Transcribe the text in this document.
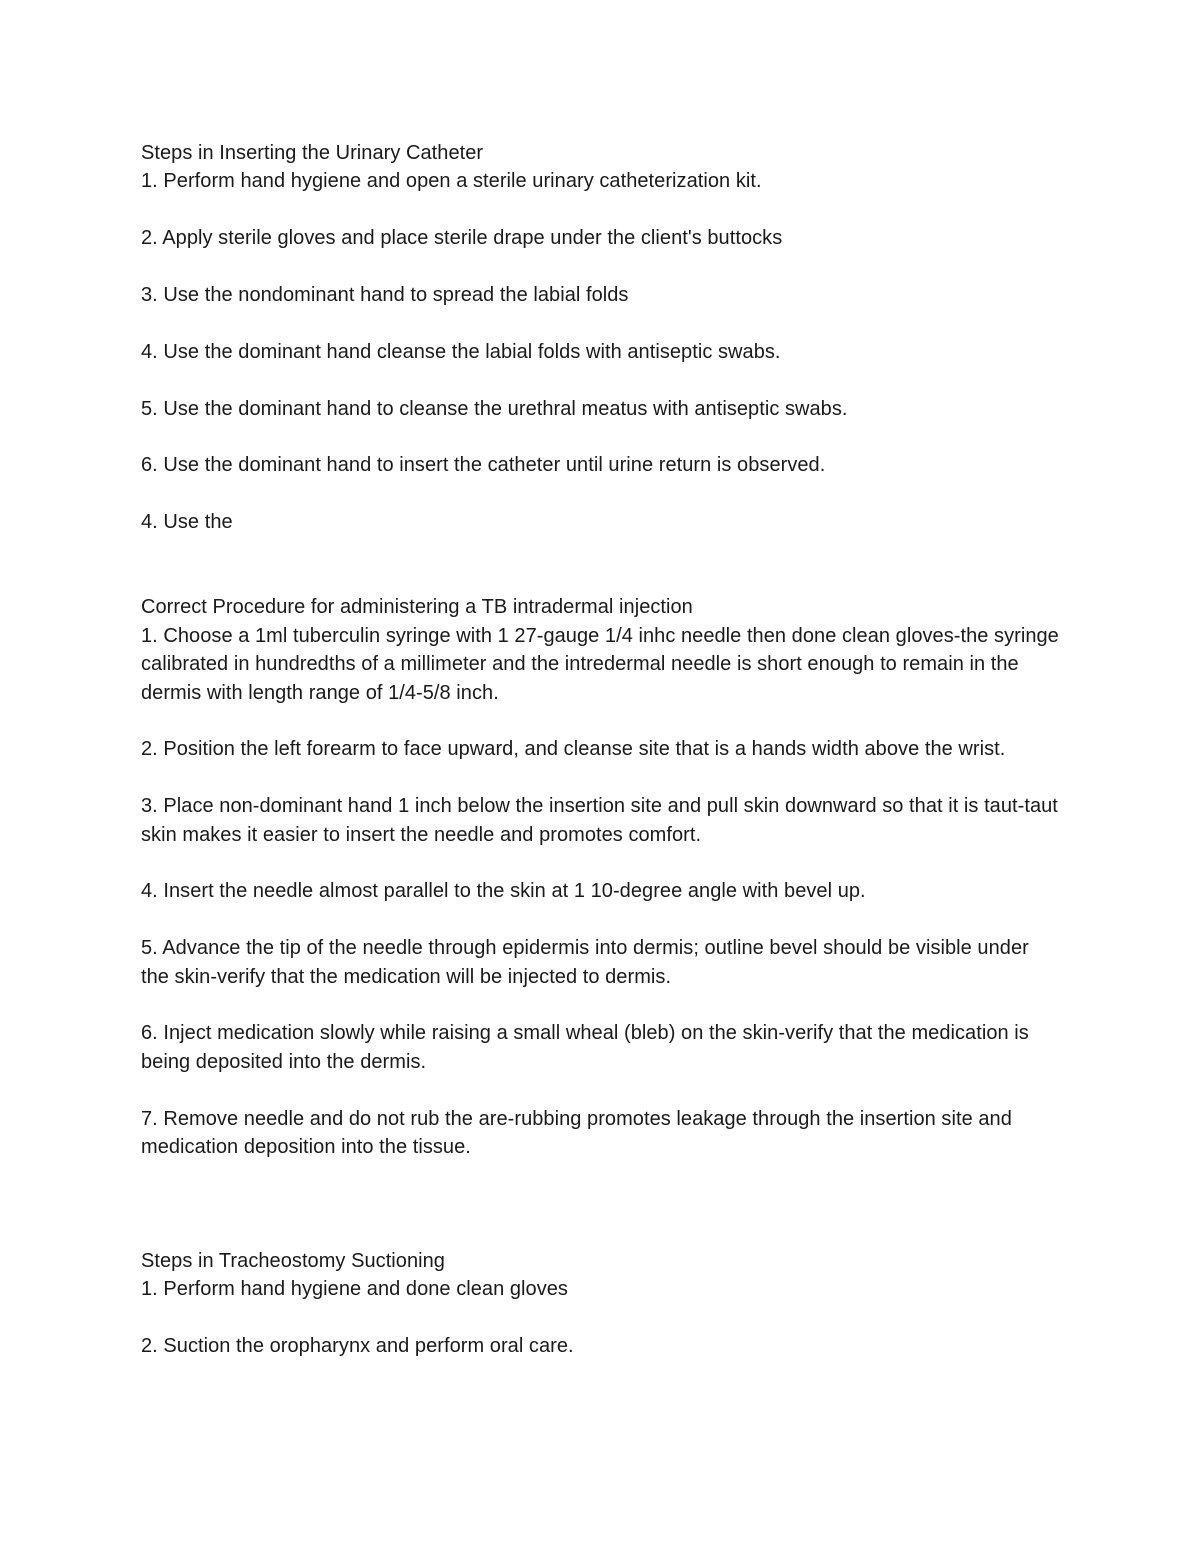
Steps in Inserting the Urinary Catheter

1. Perform hand hygiene and open a sterile urinary catheterization kit.

2. Apply sterile gloves and place sterile drape under the client's buttocks

3. Use the nondominant hand to spread the labial folds

4. Use the dominant hand cleanse the labial folds with antiseptic swabs.

5. Use the dominant hand to cleanse the urethral meatus with antiseptic swabs.

6. Use the dominant hand to insert the catheter until urine return is observed.

4. Use the

Correct Procedure for administering a TB intradermal injection

1. Choose a 1ml tuberculin syringe with 1 27-gauge 1/4 inhc needle then done clean gloves-the syringe calibrated in hundredths of a millimeter and the intredermal needle is short enough to remain in the dermis with length range of 1/4-5/8 inch.

2. Position the left forearm to face upward, and cleanse site that is a hands width above the wrist.

3. Place non-dominant hand 1 inch below the insertion site and pull skin downward so that it is taut-taut skin makes it easier to insert the needle and promotes comfort.

4. Insert the needle almost parallel to the skin at 1 10-degree angle with bevel up.

5. Advance the tip of the needle through epidermis into dermis; outline bevel should be visible under the skin-verify that the medication will be injected to dermis.

6. Inject medication slowly while raising a small wheal (bleb) on the skin-verify that the medication is being deposited into the dermis.

7. Remove needle and do not rub the are-rubbing promotes leakage through the insertion site and medication deposition into the tissue.

Steps in Tracheostomy Suctioning

1. Perform hand hygiene and done clean gloves

2. Suction the oropharynx and perform oral care.
